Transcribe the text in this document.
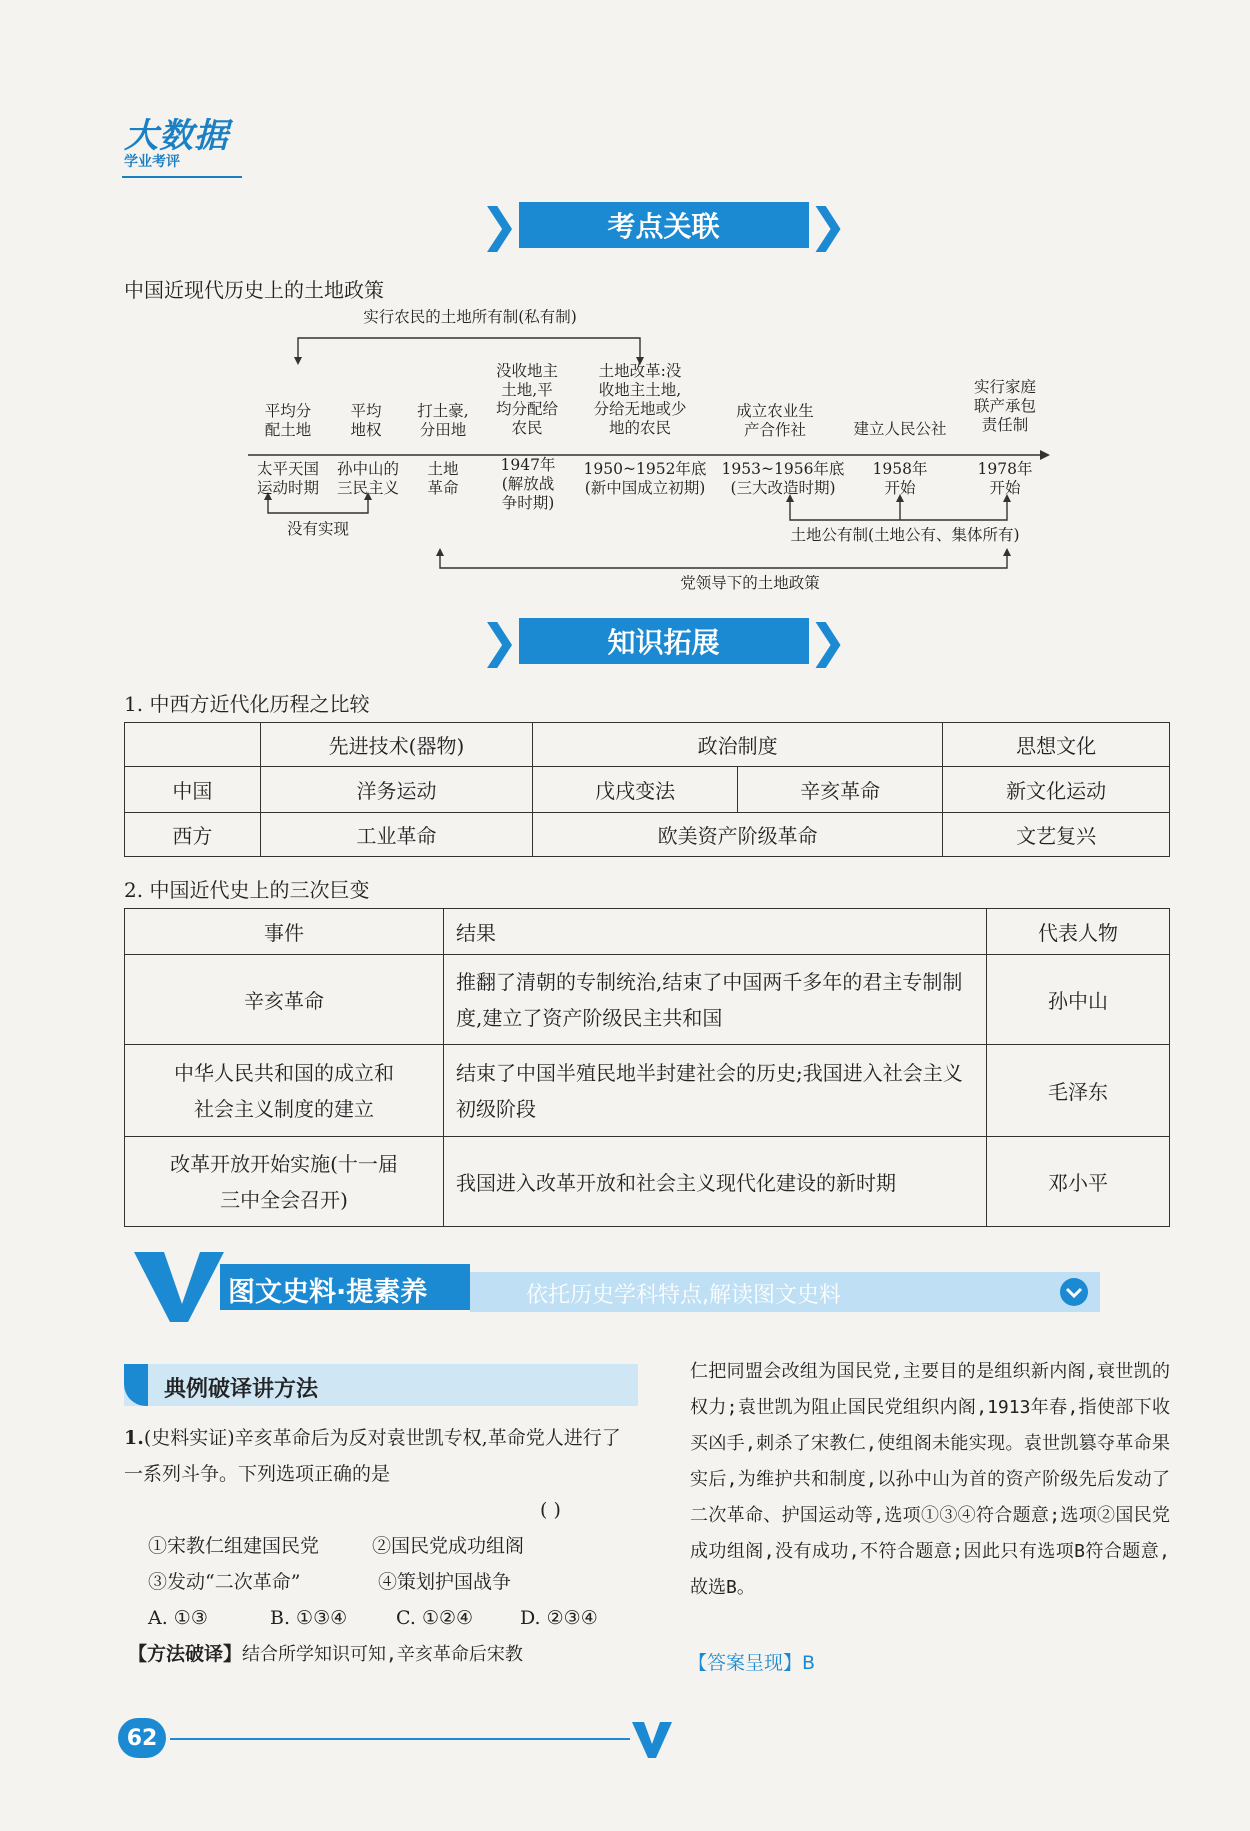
大数据
学业考评
❯	考点关联 ❯
中国近现代历史上的土地政策
实行农民的土地所有制(私有制)
平均分
配土地
平均
地权
打土豪,
分田地
没收地主
土地,平
均分配给
农民
土地改革:没
收地主土地,
分给无地或少
地的农民
成立农业生
产合作社	建立人民公社
实行家庭
联产承包
责任制
太平天国
运动时期
孙中山的
三民主义
土地
革命
1947年
(解放战
争时期)
1950~1952年底
(新中国成立初期)
1953~1956年底
(三大改造时期)
1958年
开始
1978年
开始
没有实现	土地公有制(土地公有、集体所有)
党领导下的土地政策
❯	知识拓展 ❯
1. 中西方近代化历程之比较
	先进技术(器物)	政治制度		思想文化
中国	洋务运动	戊戌变法	辛亥革命	新文化运动
西方	工业革命	欧美资产阶级革命		文艺复兴
2. 中国近代史上的三次巨变
事件	结果	代表人物
辛亥革命	推翻了清朝的专制统治,结束了中国两千多年的君主专制制度,建立了资产阶级民主共和国	孙中山
中华人民共和国的成立和社会主义制度的建立	结束了中国半殖民地半封建社会的历史;我国进入社会主义初级阶段	毛泽东
改革开放开始实施(十一届三中全会召开)	我国进入改革开放和社会主义现代化建设的新时期	邓小平
图文史料·提素养	依托历史学科特点,解读图文史料
典例破译讲方法
1.(史料实证)辛亥革命后为反对袁世凯专权,革命党人进行了一系列斗争。下列选项正确的是
( )
①宋教仁组建国民党	②国民党成功组阁
③发动“二次革命”	④策划护国战争
A. ①③	B. ①③④	C. ①②④ D. ②③④
【方法破译】结合所学知识可知,辛亥革命后宋教
仁把同盟会改组为国民党,主要目的是组织新内阁,衰世凯的权力;袁世凯为阻止国民党组织内阁,1913年春,指使部下收买凶手,刺杀了宋教仁,使组阁未能实现。袁世凯篡夺革命果实后,为维护共和制度,以孙中山为首的资产阶级先后发动了二次革命、护国运动等,选项①③④符合题意;选项②国民党成功组阁,没有成功,不符合题意;因此只有选项B符合题意,故选B。
【答案呈现】B
62
